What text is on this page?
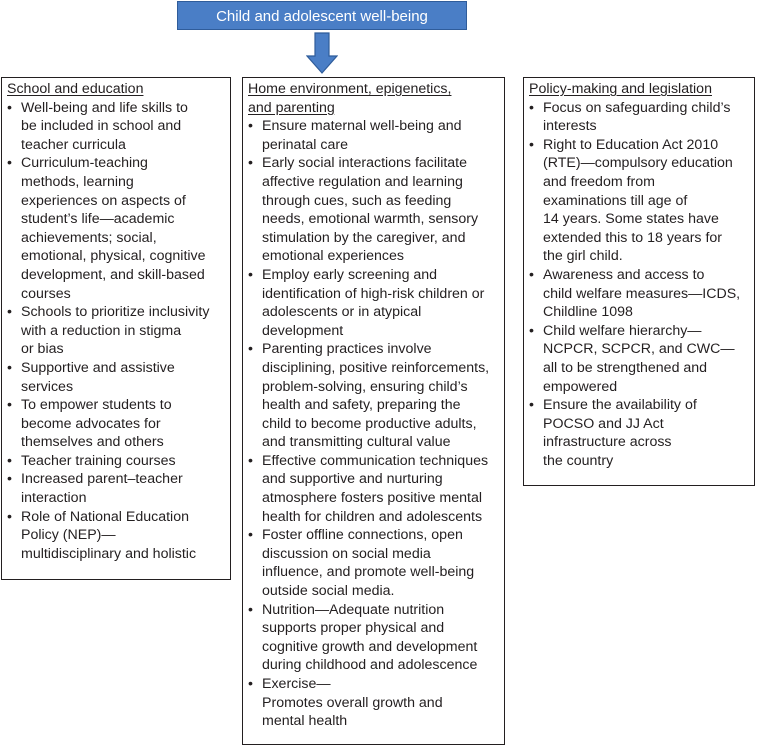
Child and adolescent well-being
School and education
• Well-being and life skills to
be included in school and
teacher curricula
• Curriculum-teaching
methods, learning
experiences on aspects of
student’s life—academic
achievements; social,
emotional, physical, cognitive
development, and skill-based
courses
• Schools to prioritize inclusivity
with a reduction in stigma
or bias
• Supportive and assistive
services
• To empower students to
become advocates for
themselves and others
• Teacher training courses
• Increased parent–teacher
interaction
• Role of National Education
Policy (NEP)—
multidisciplinary and holistic
Home environment, epigenetics,
and parenting
• Ensure maternal well-being and
perinatal care
• Early social interactions facilitate
affective regulation and learning
through cues, such as feeding
needs, emotional warmth, sensory
stimulation by the caregiver, and
emotional experiences
• Employ early screening and
identification of high-risk children or
adolescents or in atypical
development
• Parenting practices involve
disciplining, positive reinforcements,
problem-solving, ensuring child’s
health and safety, preparing the
child to become productive adults,
and transmitting cultural value
• Effective communication techniques
and supportive and nurturing
atmosphere fosters positive mental
health for children and adolescents
• Foster offline connections, open
discussion on social media
influence, and promote well-being
outside social media.
• Nutrition—Adequate nutrition
supports proper physical and
cognitive growth and development
during childhood and adolescence
• Exercise—
Promotes overall growth and
mental health
Policy-making and legislation
• Focus on safeguarding child’s
interests
• Right to Education Act 2010
(RTE)—compulsory education
and freedom from
examinations till age of
14 years. Some states have
extended this to 18 years for
the girl child.
• Awareness and access to
child welfare measures—ICDS,
Childline 1098
• Child welfare hierarchy—
NCPCR, SCPCR, and CWC—
all to be strengthened and
empowered
• Ensure the availability of
POCSO and JJ Act
infrastructure across
the country
